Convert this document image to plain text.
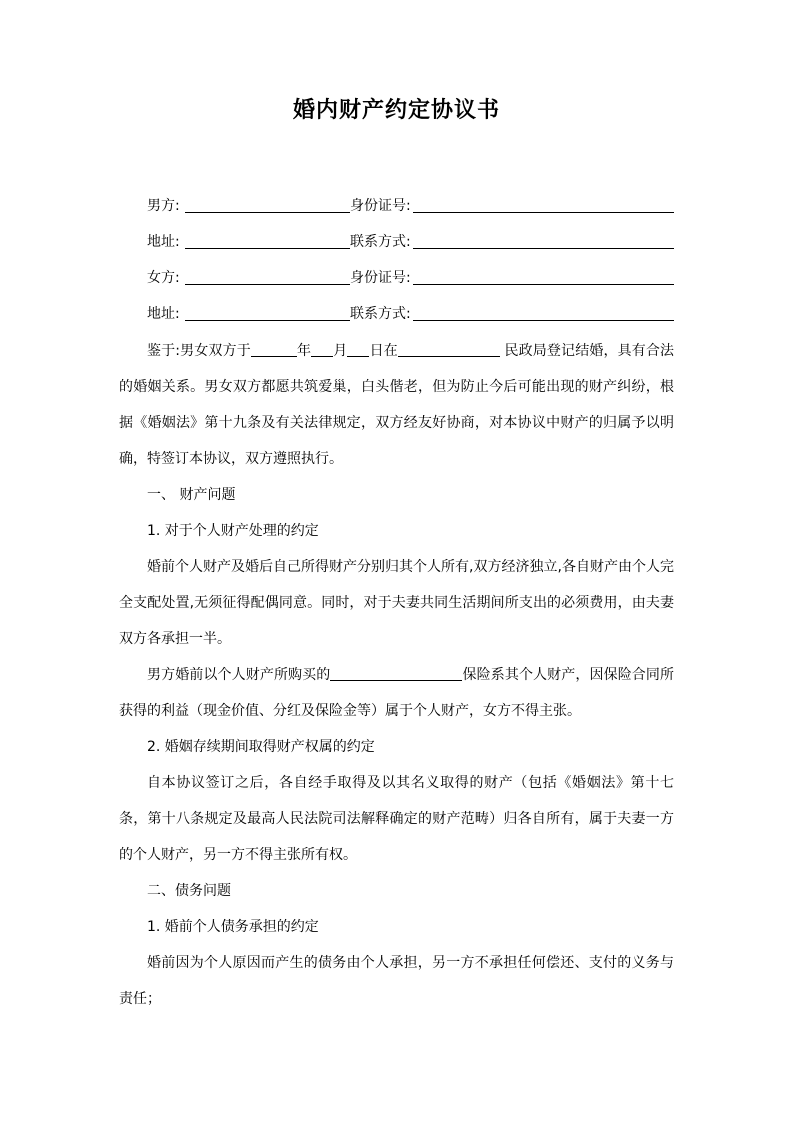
婚内财产约定协议书
男方:	身份证号:
地址:	联系方式:
女方:	身份证号:
地址:	联系方式:

鉴于:男女双方于	年 月 日在	民政局登记结婚，具有合法的婚姻关系。男女双方都愿共筑爱巢，白头偕老，但为防止今后可能出现的财产纠纷，根据《婚姻法》第十九条及有关法律规定，双方经友好协商，对本协议中财产的归属予以明确，特签订本协议，双方遵照执行。

一、 财产问题
1. 对于个人财产处理的约定

婚前个人财产及婚后自己所得财产分别归其个人所有,双方经济独立,各自财产由个人完全支配处置,无须征得配偶同意。同时，对于夫妻共同生活期间所支出的必须费用，由夫妻双方各承担一半。

男方婚前以个人财产所购买的	保险系其个人财产，因保险合同所获得的利益（现金价值、分红及保险金等）属于个人财产，女方不得主张。

2. 婚姻存续期间取得财产权属的约定

自本协议签订之后，各自经手取得及以其名义取得的财产（包括《婚姻法》第十七条，第十八条规定及最高人民法院司法解释确定的财产范畴）归各自所有，属于夫妻一方的个人财产，另一方不得主张所有权。

二、债务问题
1. 婚前个人债务承担的约定

婚前因为个人原因而产生的债务由个人承担，另一方不承担任何偿还、支付的义务与责任；
